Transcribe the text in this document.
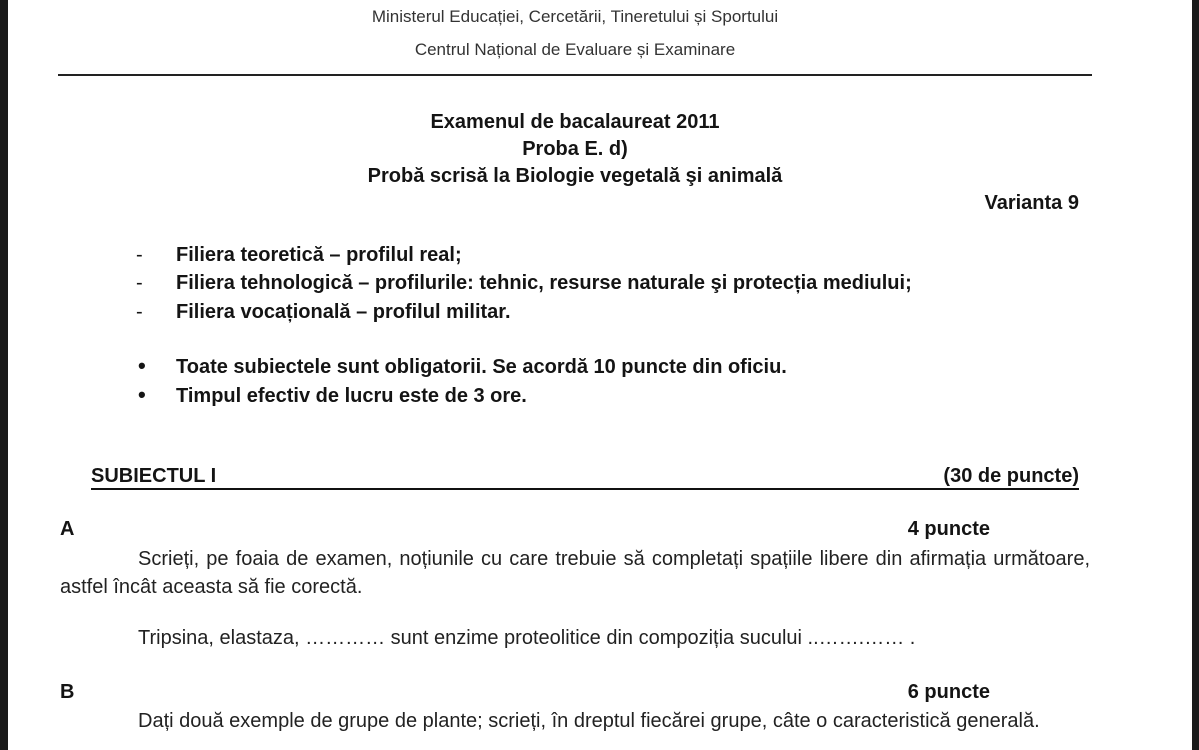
Ministerul Educației, Cercetării, Tineretului și Sportului
Centrul Național de Evaluare și Examinare
Examenul de bacalaureat 2011
Proba E. d)
Probă scrisă la Biologie vegetală şi animală
Varianta 9
- Filiera teoretică – profilul real;
- Filiera tehnologică – profilurile: tehnic, resurse naturale şi protecția mediului;
- Filiera vocațională – profilul militar.
• Toate subiectele sunt obligatorii. Se acordă 10 puncte din oficiu.
• Timpul efectiv de lucru este de 3 ore.
SUBIECTUL I	(30 de puncte)
A	4 puncte
Scrieți, pe foaia de examen, noțiunile cu care trebuie să completați spațiile libere din afirmația următoare, astfel încât aceasta să fie corectă.
Tripsina, elastaza, ………… sunt enzime proteolitice din compoziția sucului ..…….…… .
B	6 puncte
Dați două exemple de grupe de plante; scrieți, în dreptul fiecărei grupe, câte o caracteristică generală.
